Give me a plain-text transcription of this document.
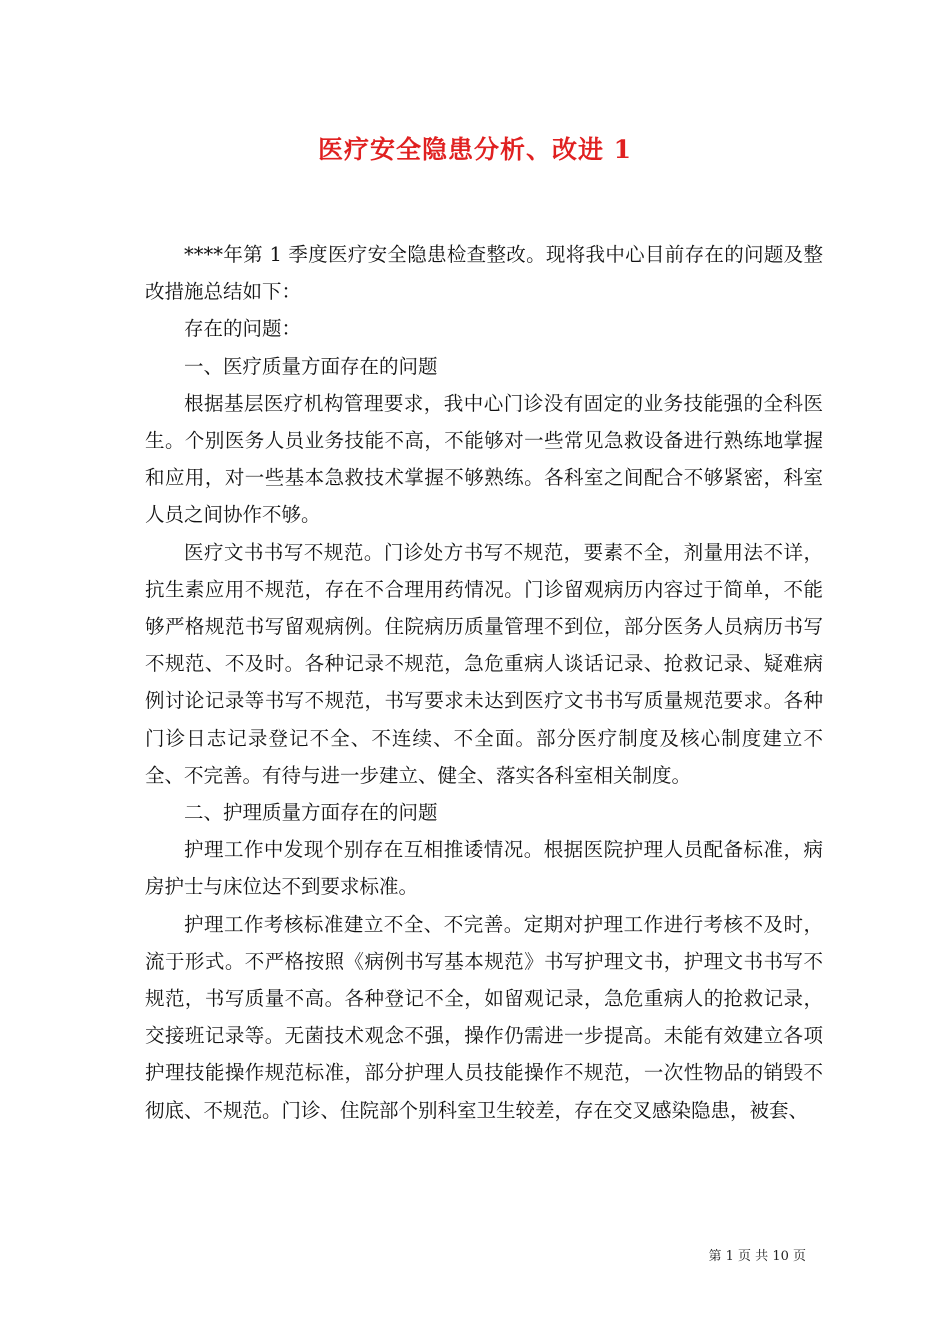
医疗安全隐患分析、改进 1

****年第 1 季度医疗安全隐患检查整改。现将我中心目前存在的问题及整改措施总结如下：

存在的问题：

一、医疗质量方面存在的问题

根据基层医疗机构管理要求，我中心门诊没有固定的业务技能强的全科医生。个别医务人员业务技能不高，不能够对一些常见急救设备进行熟练地掌握和应用，对一些基本急救技术掌握不够熟练。各科室之间配合不够紧密，科室人员之间协作不够。

医疗文书书写不规范。门诊处方书写不规范，要素不全，剂量用法不详，抗生素应用不规范，存在不合理用药情况。门诊留观病历内容过于简单，不能够严格规范书写留观病例。住院病历质量管理不到位，部分医务人员病历书写不规范、不及时。各种记录不规范，急危重病人谈话记录、抢救记录、疑难病例讨论记录等书写不规范，书写要求未达到医疗文书书写质量规范要求。各种门诊日志记录登记不全、不连续、不全面。部分医疗制度及核心制度建立不全、不完善。有待与进一步建立、健全、落实各科室相关制度。

二、护理质量方面存在的问题

护理工作中发现个别存在互相推诿情况。根据医院护理人员配备标准，病房护士与床位达不到要求标准。

护理工作考核标准建立不全、不完善。定期对护理工作进行考核不及时，流于形式。不严格按照《病例书写基本规范》书写护理文书，护理文书书写不规范，书写质量不高。各种登记不全，如留观记录，急危重病人的抢救记录，交接班记录等。无菌技术观念不强，操作仍需进一步提高。未能有效建立各项护理技能操作规范标准，部分护理人员技能操作不规范，一次性物品的销毁不彻底、不规范。门诊、住院部个别科室卫生较差，存在交叉感染隐患，被套、

第 1 页 共 10 页
